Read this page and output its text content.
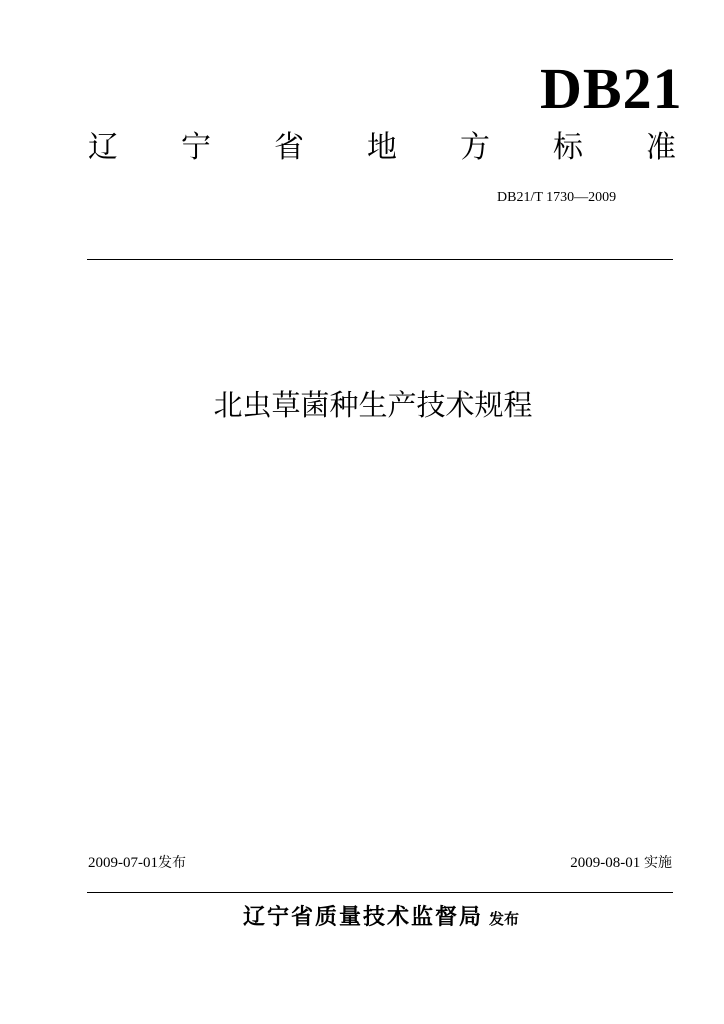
DB21
辽 宁 省 地 方 标 准
DB21/T 1730—2009
北虫草菌种生产技术规程
2009-07-01发布	2009-08-01 实施
辽宁省质量技术监督局 发布
